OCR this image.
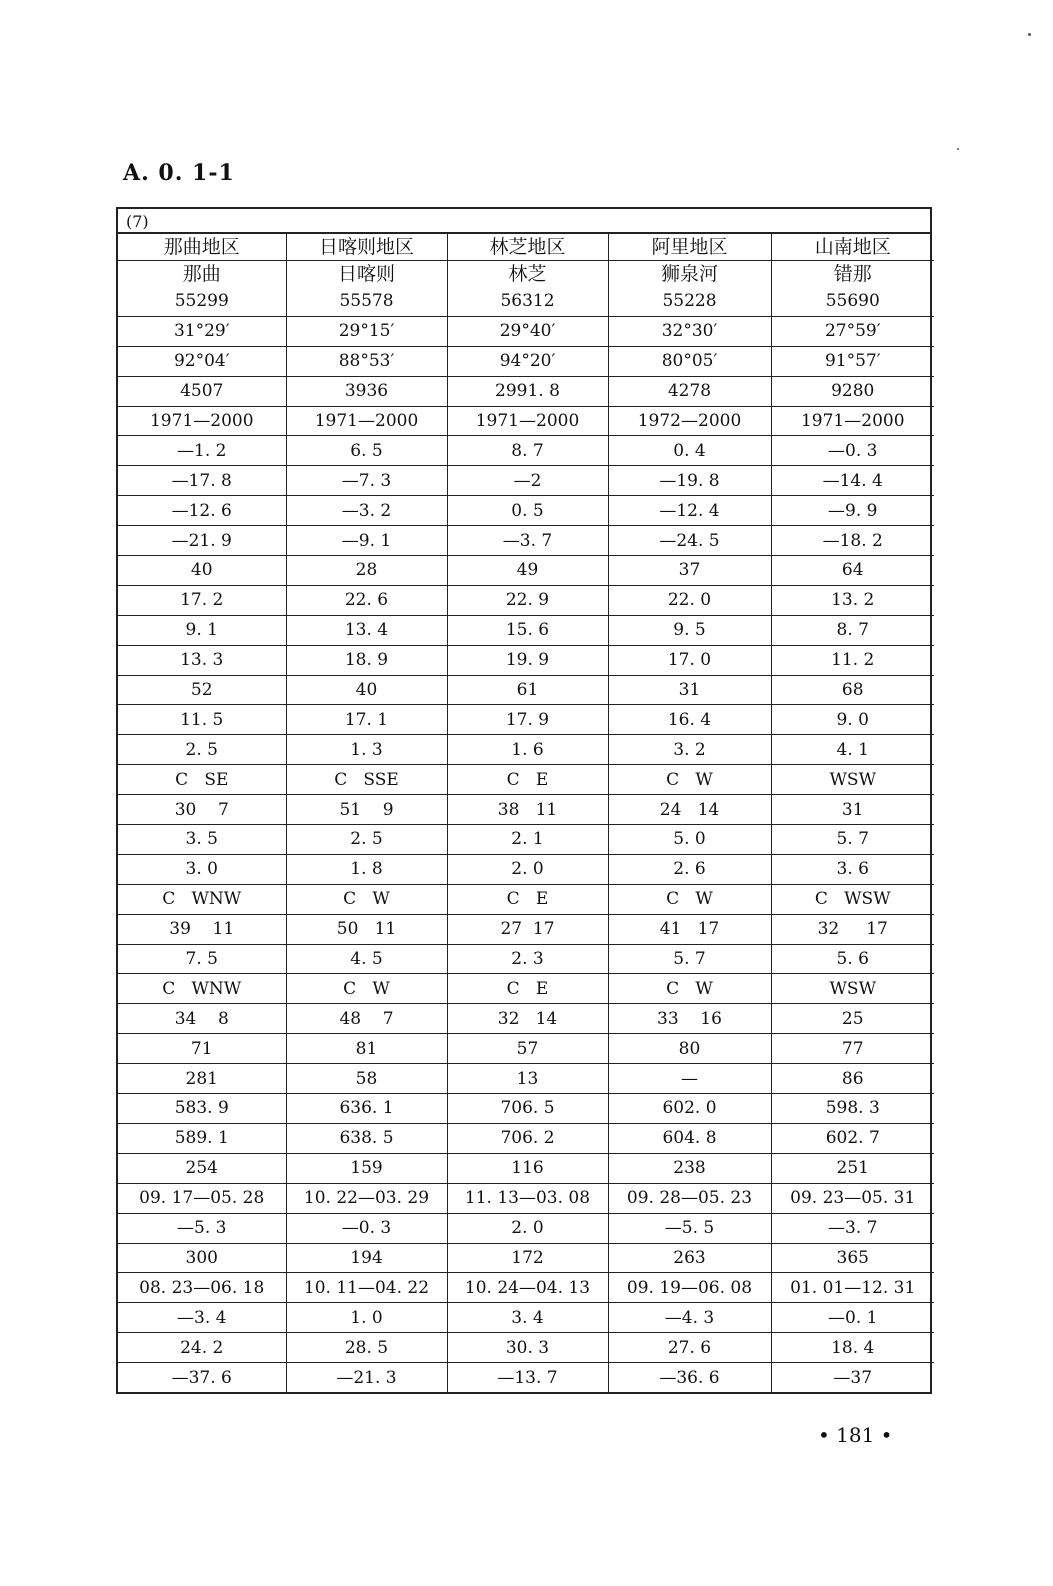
A. 0. 1-1
(7)
那曲地区	日喀则地区	林芝地区	阿里地区	山南地区
那曲	日喀则	林芝	狮泉河	错那
55299	55578	56312	55228	55690
31°29′	29°15′	29°40′	32°30′	27°59′
92°04′	88°53′	94°20′	80°05′	91°57′
4507	3936	2991. 8	4278	9280
1971—2000	1971—2000	1971—2000	1972—2000	1971—2000
—1. 2	6. 5	8. 7	0. 4	—0. 3
—17. 8	—7. 3	—2	—19. 8	—14. 4
—12. 6	—3. 2	0. 5	—12. 4	—9. 9
—21. 9	—9. 1	—3. 7	—24. 5	—18. 2
40	28	49	37	64
17. 2	22. 6	22. 9	22. 0	13. 2
9. 1	13. 4	15. 6	9. 5	8. 7
13. 3	18. 9	19. 9	17. 0	11. 2
52	40	61	31	68
11. 5	17. 1	17. 9	16. 4	9. 0
2. 5	1. 3	1. 6	3. 2	4. 1
C   SE	C   SSE	C   E	C   W	WSW
30    7	51    9	38   11	24   14	31
3. 5	2. 5	2. 1	5. 0	5. 7
3. 0	1. 8	2. 0	2. 6	3. 6
C   WNW	C   W	C   E	C   W	C   WSW
39    11	50   11	27  17	41   17	32     17
7. 5	4. 5	2. 3	5. 7	5. 6
C   WNW	C   W	C   E	C   W	WSW
34    8	48    7	32   14	33    16	25
71	81	57	80	77
281	58	13	—	86
583. 9	636. 1	706. 5	602. 0	598. 3
589. 1	638. 5	706. 2	604. 8	602. 7
254	159	116	238	251
09. 17—05. 28	10. 22—03. 29	11. 13—03. 08	09. 28—05. 23	09. 23—05. 31
—5. 3	—0. 3	2. 0	—5. 5	—3. 7
300	194	172	263	365
08. 23—06. 18	10. 11—04. 22	10. 24—04. 13	09. 19—06. 08	01. 01—12. 31
—3. 4	1. 0	3. 4	—4. 3	—0. 1
24. 2	28. 5	30. 3	27. 6	18. 4
—37. 6	—21. 3	—13. 7	—36. 6	—37
• 181 •
